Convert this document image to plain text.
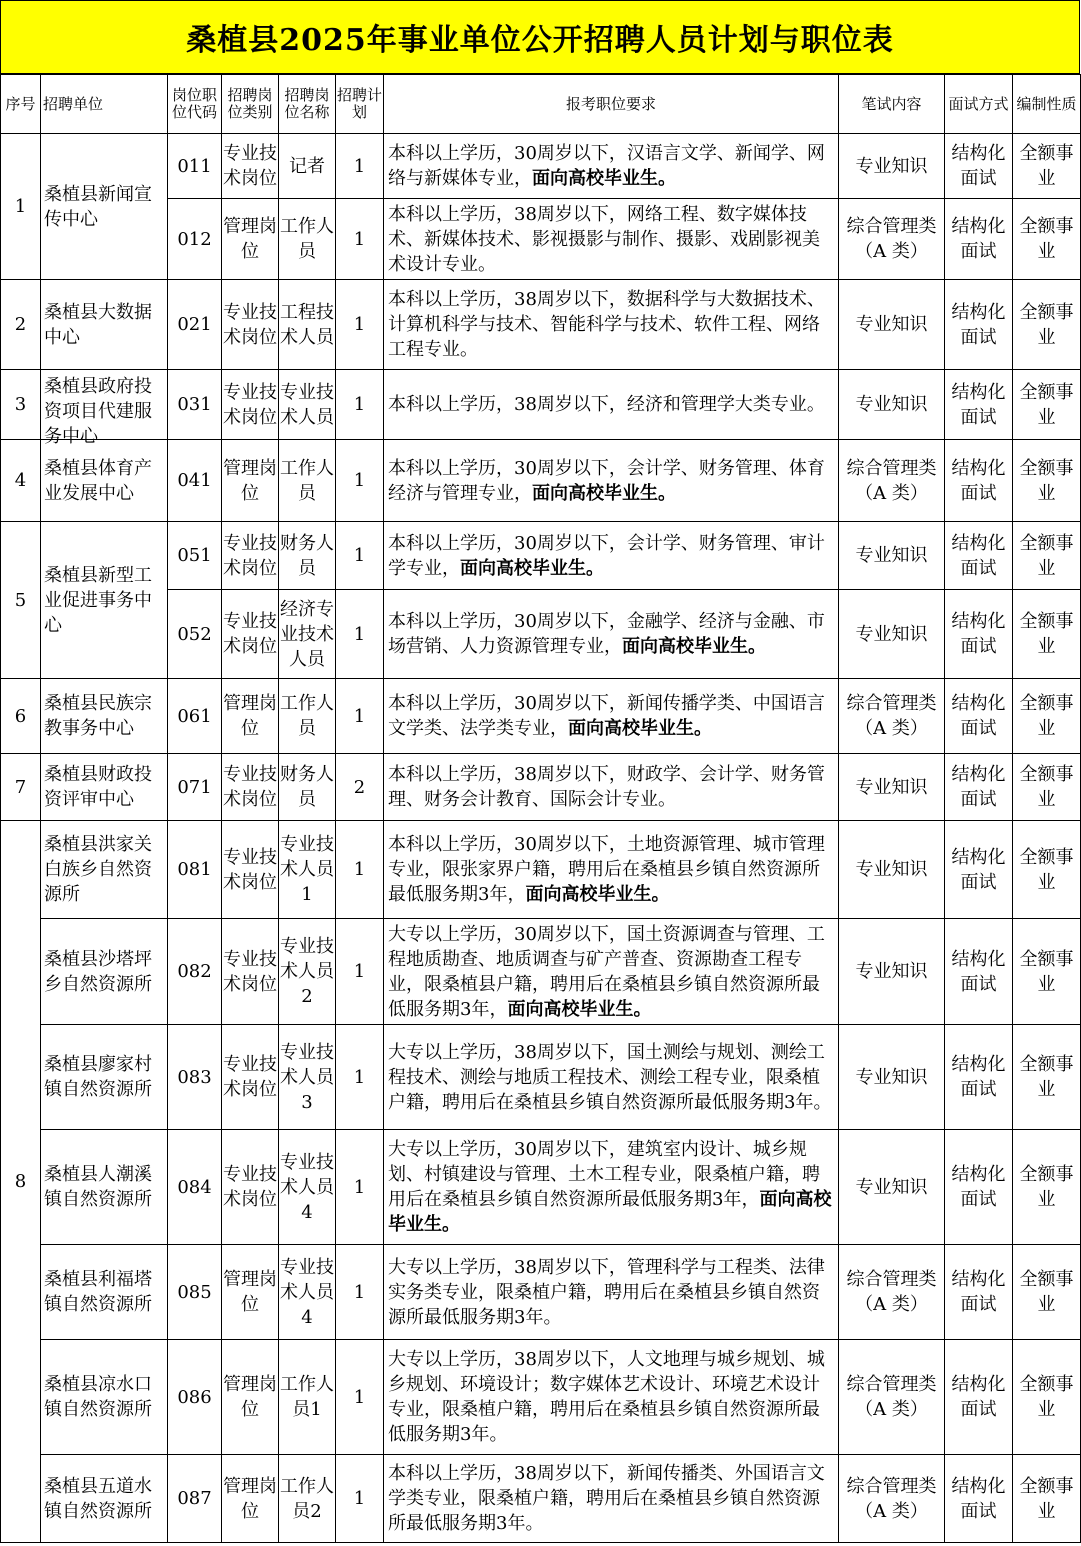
桑植县2025年事业单位公开招聘人员计划与职位表
序号	招聘单位	岗位职位代码	招聘岗位类别	招聘岗位名称	招聘计划	报考职位要求	笔试内容	面试方式	编制性质
1	桑植县新闻宣传中心	011	专业技术岗位	记者	1	本科以上学历，30周岁以下，汉语言文学、新闻学、网络与新媒体专业，面向高校毕业生。	专业知识	结构化面试	全额事业
		012	管理岗位	工作人员	1	本科以上学历，38周岁以下，网络工程、数字媒体技术、新媒体技术、影视摄影与制作、摄影、戏剧影视美术设计专业。	综合管理类（A 类）	结构化面试	全额事业
2	桑植县大数据中心	021	专业技术岗位	工程技术人员	1	本科以上学历，38周岁以下，数据科学与大数据技术、计算机科学与技术、智能科学与技术、软件工程、网络工程专业。	专业知识	结构化面试	全额事业
3	桑植县政府投资项目代建服务中心	031	专业技术岗位	专业技术人员	1	本科以上学历，38周岁以下，经济和管理学大类专业。	专业知识	结构化面试	全额事业
4	桑植县体育产业发展中心	041	管理岗位	工作人员	1	本科以上学历，30周岁以下，会计学、财务管理、体育经济与管理专业，面向高校毕业生。	综合管理类（A 类）	结构化面试	全额事业
5	桑植县新型工业促进事务中心	051	专业技术岗位	财务人员	1	本科以上学历，30周岁以下，会计学、财务管理、审计学专业，面向高校毕业生。	专业知识	结构化面试	全额事业
		052	专业技术岗位	经济专业技术人员	1	本科以上学历，30周岁以下，金融学、经济与金融、市场营销、人力资源管理专业，面向高校毕业生。	专业知识	结构化面试	全额事业
6	桑植县民族宗教事务中心	061	管理岗位	工作人员	1	本科以上学历，30周岁以下，新闻传播学类、中国语言文学类、法学类专业，面向高校毕业生。	综合管理类（A 类）	结构化面试	全额事业
7	桑植县财政投资评审中心	071	专业技术岗位	财务人员	2	本科以上学历，38周岁以下，财政学、会计学、财务管理、财务会计教育、国际会计专业。	专业知识	结构化面试	全额事业
8	桑植县洪家关白族乡自然资源所	081	专业技术岗位	专业技术人员1	1	本科以上学历，30周岁以下，土地资源管理、城市管理专业，限张家界户籍，聘用后在桑植县乡镇自然资源所最低服务期3年，面向高校毕业生。	专业知识	结构化面试	全额事业
	桑植县沙塔坪乡自然资源所	082	专业技术岗位	专业技术人员2	1	大专以上学历，30周岁以下，国土资源调查与管理、工程地质勘查、地质调查与矿产普查、资源勘查工程专业，限桑植县户籍，聘用后在桑植县乡镇自然资源所最低服务期3年，面向高校毕业生。	专业知识	结构化面试	全额事业
	桑植县廖家村镇自然资源所	083	专业技术岗位	专业技术人员3	1	大专以上学历，38周岁以下，国土测绘与规划、测绘工程技术、测绘与地质工程技术、测绘工程专业，限桑植户籍，聘用后在桑植县乡镇自然资源所最低服务期3年。	专业知识	结构化面试	全额事业
	桑植县人潮溪镇自然资源所	084	专业技术岗位	专业技术人员4	1	大专以上学历，30周岁以下，建筑室内设计、城乡规划、村镇建设与管理、土木工程专业，限桑植户籍，聘用后在桑植县乡镇自然资源所最低服务期3年，面向高校毕业生。	专业知识	结构化面试	全额事业
	桑植县利福塔镇自然资源所	085	管理岗位	专业技术人员4	1	大专以上学历，38周岁以下，管理科学与工程类、法律实务类专业，限桑植户籍，聘用后在桑植县乡镇自然资源所最低服务期3年。	综合管理类（A 类）	结构化面试	全额事业
	桑植县凉水口镇自然资源所	086	管理岗位	工作人员1	1	大专以上学历，38周岁以下，人文地理与城乡规划、城乡规划、环境设计；数字媒体艺术设计、环境艺术设计专业，限桑植户籍，聘用后在桑植县乡镇自然资源所最低服务期3年。	综合管理类（A 类）	结构化面试	全额事业
	桑植县五道水镇自然资源所	087	管理岗位	工作人员2	1	本科以上学历，38周岁以下，新闻传播类、外国语言文学类专业，限桑植户籍，聘用后在桑植县乡镇自然资源所最低服务期3年。	综合管理类（A 类）	结构化面试	全额事业
